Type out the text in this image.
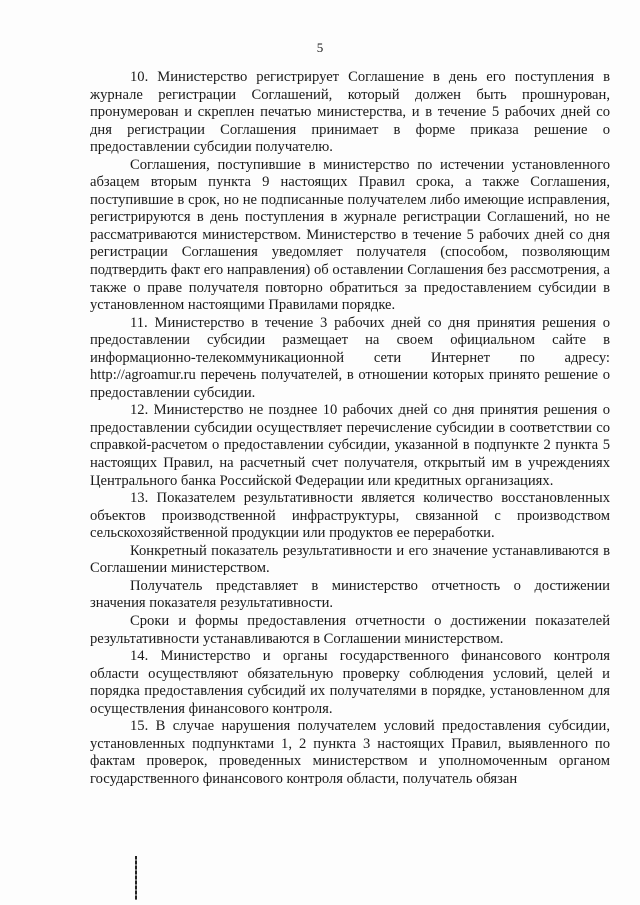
5

10. Министерство регистрирует Соглашение в день его поступления в журнале регистрации Соглашений, который должен быть прошнурован, пронумерован и скреплен печатью министерства, и в течение 5 рабочих дней со дня регистрации Соглашения принимает в форме приказа решение о предоставлении субсидии получателю.

Соглашения, поступившие в министерство по истечении установленного абзацем вторым пункта 9 настоящих Правил срока, а также Соглашения, поступившие в срок, но не подписанные получателем либо имеющие исправления, регистрируются в день поступления в журнале регистрации Соглашений, но не рассматриваются министерством. Министерство в течение 5 рабочих дней со дня регистрации Соглашения уведомляет получателя (способом, позволяющим подтвердить факт его направления) об оставлении Соглашения без рассмотрения, а также о праве получателя повторно обратиться за предоставлением субсидии в установленном настоящими Правилами порядке.

11. Министерство в течение 3 рабочих дней со дня принятия решения о предоставлении субсидии размещает на своем официальном сайте в информационно-телекоммуникационной сети Интернет по адресу: http://agroamur.ru перечень получателей, в отношении которых принято решение о предоставлении субсидии.

12. Министерство не позднее 10 рабочих дней со дня принятия решения о предоставлении субсидии осуществляет перечисление субсидии в соответствии со справкой-расчетом о предоставлении субсидии, указанной в подпункте 2 пункта 5 настоящих Правил, на расчетный счет получателя, открытый им в учреждениях Центрального банка Российской Федерации или кредитных организациях.

13. Показателем результативности является количество восстановленных объектов производственной инфраструктуры, связанной с производством сельскохозяйственной продукции или продуктов ее переработки.

Конкретный показатель результативности и его значение устанавливаются в Соглашении министерством.

Получатель представляет в министерство отчетность о достижении значения показателя результативности.

Сроки и формы предоставления отчетности о достижении показателей результативности устанавливаются в Соглашении министерством.

14. Министерство и органы государственного финансового контроля области осуществляют обязательную проверку соблюдения условий, целей и порядка предоставления субсидий их получателями в порядке, установленном для осуществления финансового контроля.

15. В случае нарушения получателем условий предоставления субсидии, установленных подпунктами 1, 2 пункта 3 настоящих Правил, выявленного по фактам проверок, проведенных министерством и уполномоченным органом государственного финансового контроля области, получатель обязан
